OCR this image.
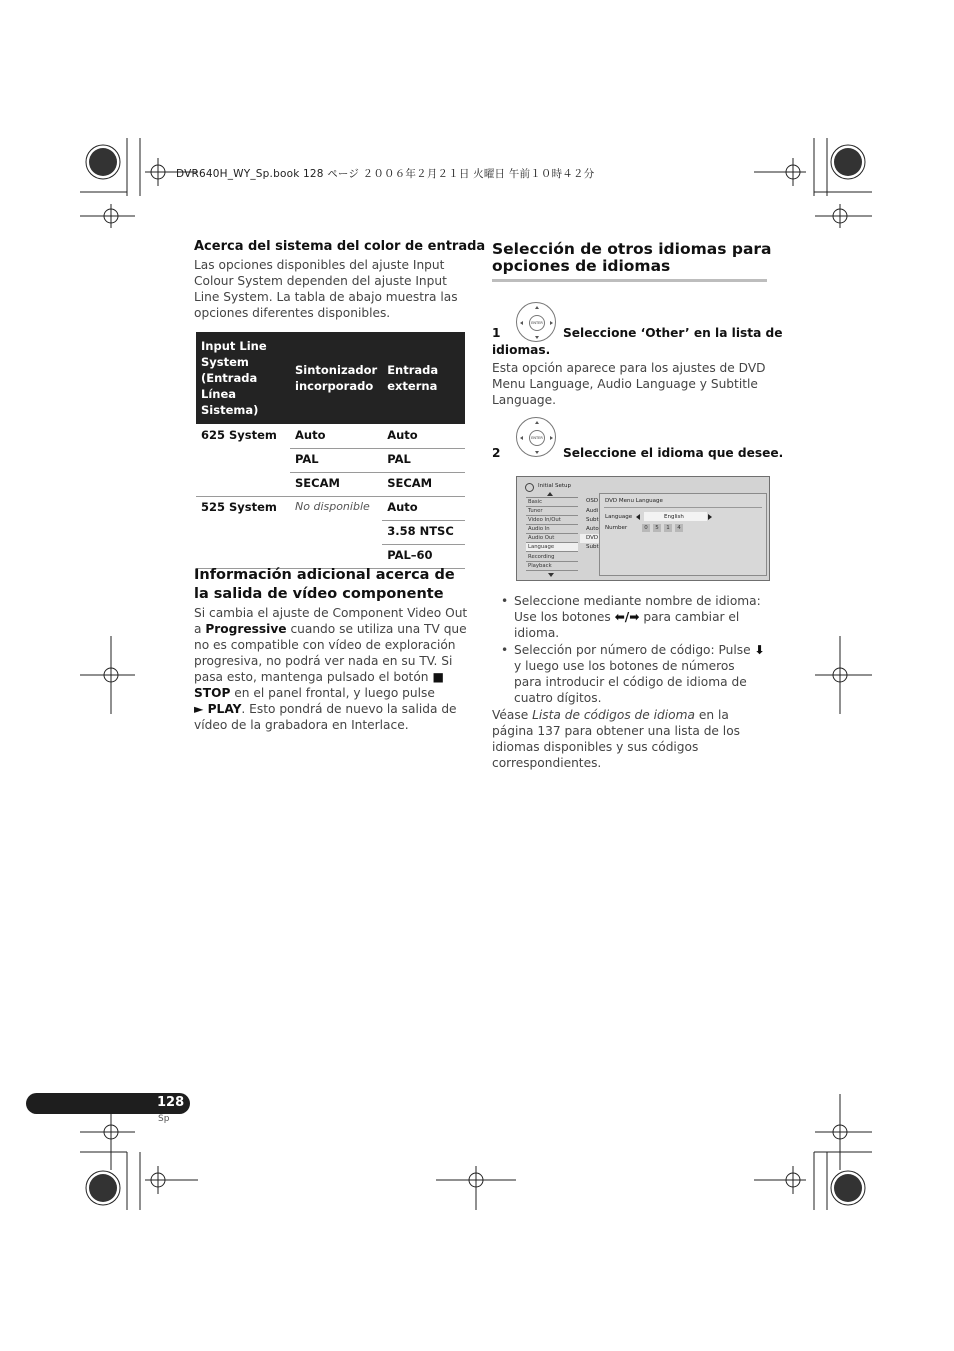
DVR640H_WY_Sp.book 128 ページ ２００６年２月２１日 火曜日 午前１０時４２分
Acerca del sistema del color de entrada
Las opciones disponibles del ajuste Input Colour System dependen del ajuste Input Line System. La tabla de abajo muestra las opciones diferentes disponibles.
Input Line System (Entrada Línea Sistema)	Sintonizador incorporado	Entrada externa
625 System	Auto	Auto
	PAL	PAL
	SECAM	SECAM
525 System	No disponible	Auto
		3.58 NTSC
		PAL–60
Información adicional acerca de la salida de vídeo componente
Si cambia el ajuste de Component Video Out a Progressive cuando se utiliza una TV que no es compatible con vídeo de exploración progresiva, no podrá ver nada en su TV. Si pasa esto, mantenga pulsado el botón ■ STOP en el panel frontal, y luego pulse
► PLAY. Esto pondrá de nuevo la salida de vídeo de la grabadora en Interlace.
Selección de otros idiomas para opciones de idiomas
ENTER
1	Seleccione ‘Other’ en la lista de
idiomas.
Esta opción aparece para los ajustes de DVD Menu Language, Audio Language y Subtitle Language.
ENTER
2	Seleccione el idioma que desee.
Initial Setup
Basic
Tuner
Video In/Out
Audio In
Audio Out
Language
Recording
Playback
OSD
Audi
Subt
Auto
DVD
Subt
DVD Menu Language
Language	English
Number	0	5	1	4
• Seleccione mediante nombre de idioma: Use los botones ⬅/➡ para cambiar el idioma.
• Selección por número de código: Pulse ⬇ y luego use los botones de números para introducir el código de idioma de cuatro dígitos.
Véase Lista de códigos de idioma en la página 137 para obtener una lista de los idiomas disponibles y sus códigos correspondientes.
128
Sp
